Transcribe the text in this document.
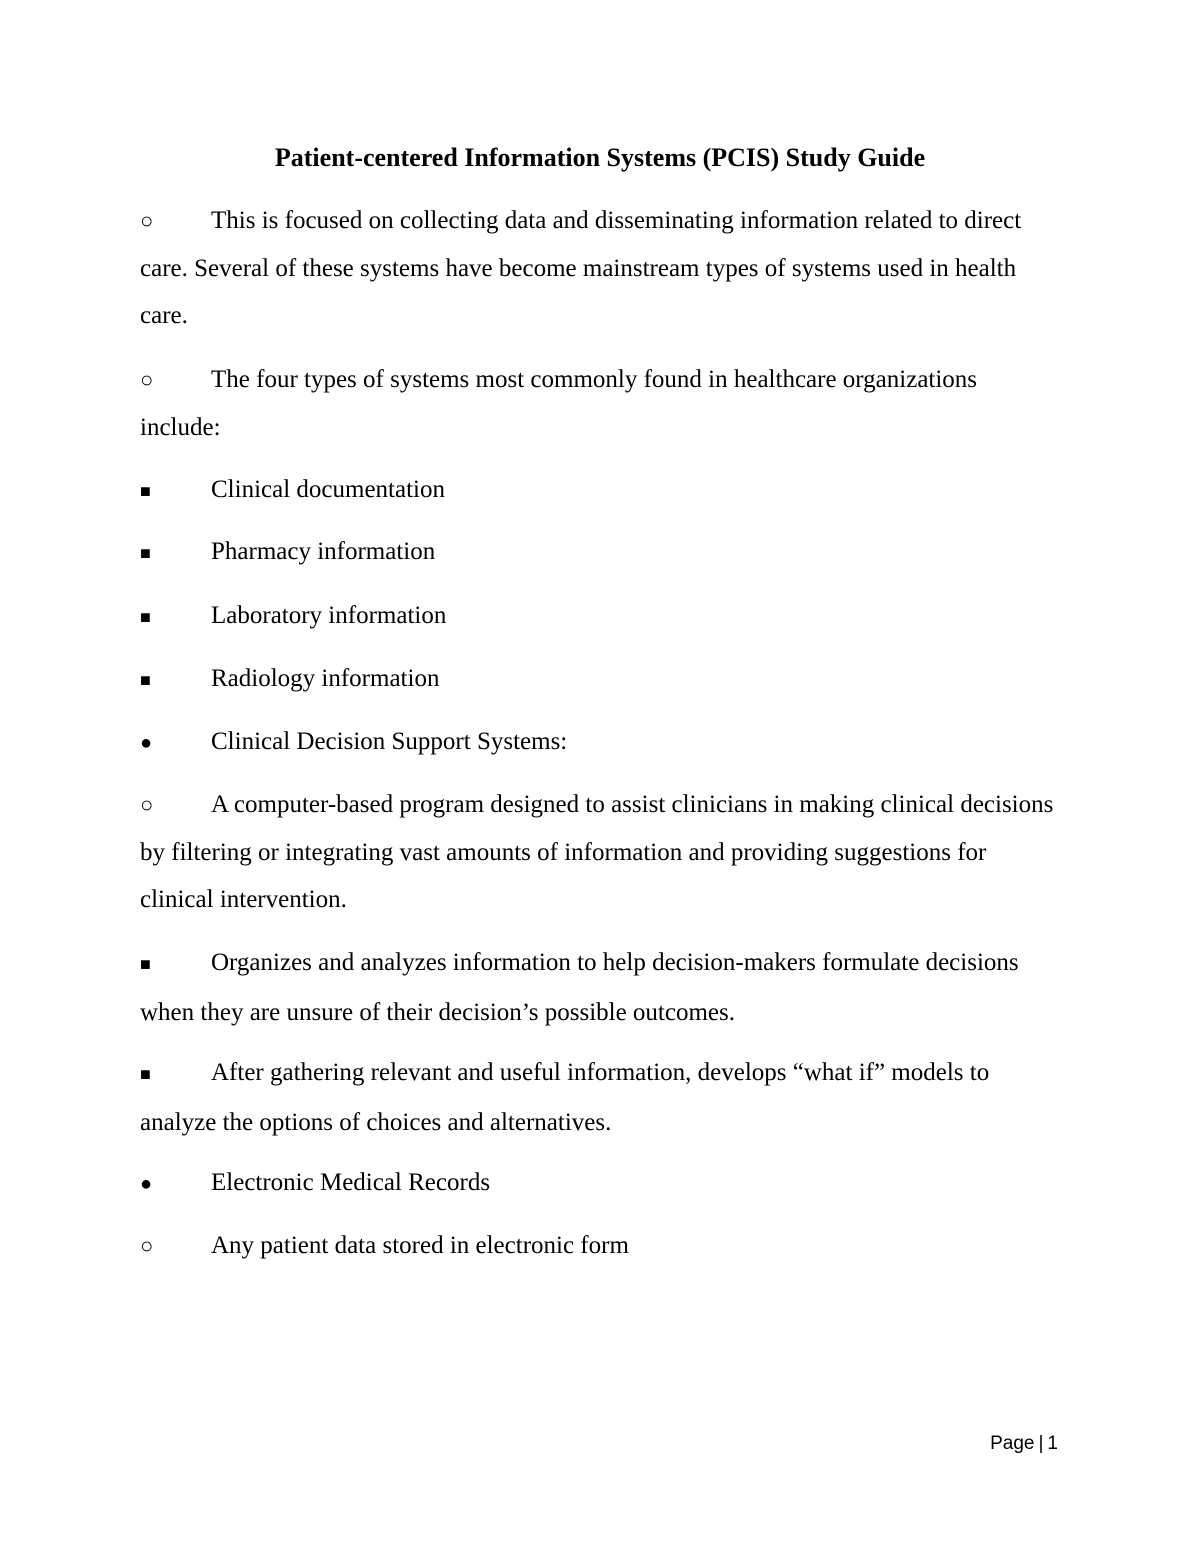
Patient-centered Information Systems (PCIS) Study Guide
○ This is focused on collecting data and disseminating information related to direct care. Several of these systems have become mainstream types of systems used in health care.
○ The four types of systems most commonly found in healthcare organizations include:
■ Clinical documentation
■ Pharmacy information
■ Laboratory information
■ Radiology information
● Clinical Decision Support Systems:
○ A computer-based program designed to assist clinicians in making clinical decisions by filtering or integrating vast amounts of information and providing suggestions for clinical intervention.
■ Organizes and analyzes information to help decision-makers formulate decisions when they are unsure of their decision’s possible outcomes.
■ After gathering relevant and useful information, develops “what if” models to analyze the options of choices and alternatives.
● Electronic Medical Records
○ Any patient data stored in electronic form
Page | 1
